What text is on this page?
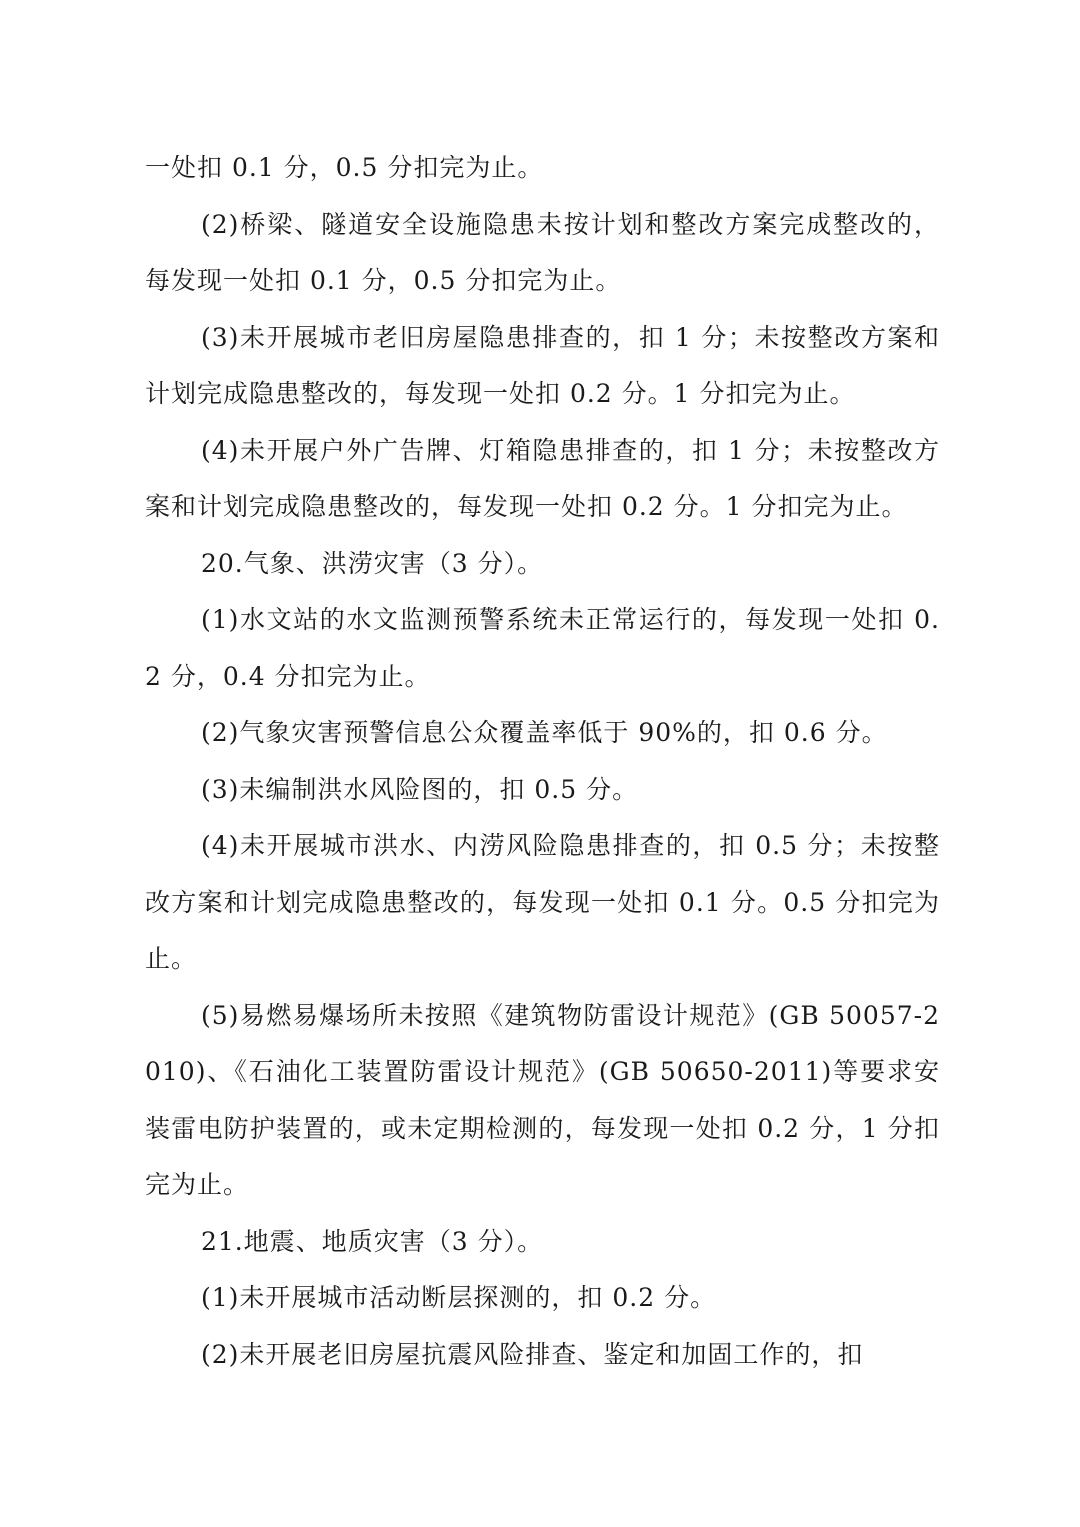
一处扣 0.1 分，0.5 分扣完为止。

(2)桥梁、隧道安全设施隐患未按计划和整改方案完成整改的，每发现一处扣 0.1 分，0.5 分扣完为止。

(3)未开展城市老旧房屋隐患排查的，扣 1 分；未按整改方案和计划完成隐患整改的，每发现一处扣 0.2 分。1 分扣完为止。

(4)未开展户外广告牌、灯箱隐患排查的，扣 1 分；未按整改方案和计划完成隐患整改的，每发现一处扣 0.2 分。1 分扣完为止。

20.气象、洪涝灾害（3 分）。

(1)水文站的水文监测预警系统未正常运行的，每发现一处扣 0.2 分，0.4 分扣完为止。

(2)气象灾害预警信息公众覆盖率低于 90%的，扣 0.6 分。

(3)未编制洪水风险图的，扣 0.5 分。

(4)未开展城市洪水、内涝风险隐患排查的，扣 0.5 分；未按整改方案和计划完成隐患整改的，每发现一处扣 0.1 分。0.5 分扣完为止。

(5)易燃易爆场所未按照《建筑物防雷设计规范》(GB 50057-2010)、《石油化工装置防雷设计规范》(GB 50650-2011)等要求安装雷电防护装置的，或未定期检测的，每发现一处扣 0.2 分，1 分扣完为止。

21.地震、地质灾害（3 分）。

(1)未开展城市活动断层探测的，扣 0.2 分。

(2)未开展老旧房屋抗震风险排查、鉴定和加固工作的，扣
